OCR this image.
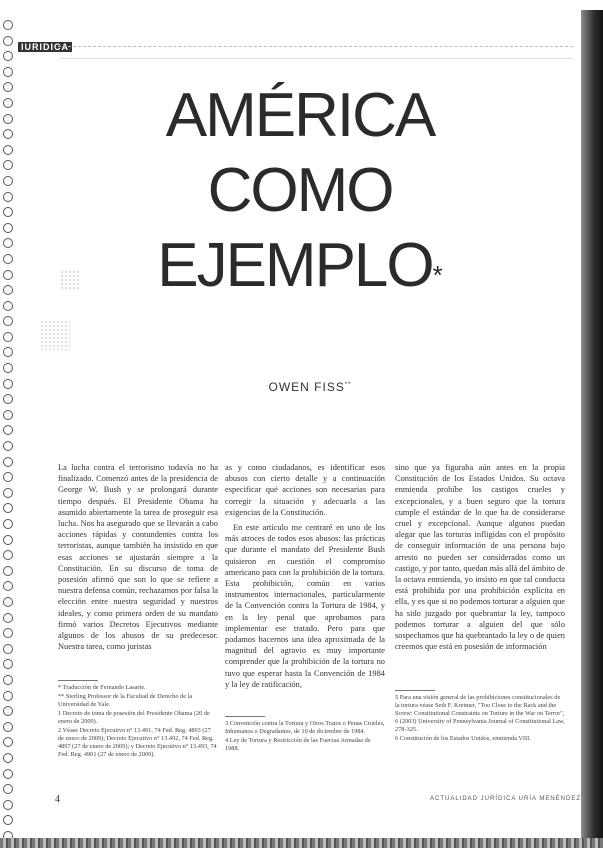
IURIDICA
AMÉRICA
COMO
EJEMPLO*
OWEN FISS**

La lucha contra el terrorismo todavía no ha finalizado. Comenzó antes de la presidencia de George W. Bush y se prolongará durante tiempo después. El Presidente Obama ha asumido abiertamente la tarea de proseguir esa lucha. Nos ha asegurado que se llevarán a cabo acciones rápidas y contundentes contra los terroristas, aunque también ha insistido en que esas acciones se ajustarán siempre a la Constitución. En su discurso de toma de posesión afirmó que son lo que se refiere a nuestra defensa común, rechazamos por falsa la elección entre nuestra seguridad y nuestros ideales, y como primera orden de su mandato firmó varios Decretos Ejecutivos mediante algunos de los abusos de su predecesor. Nuestra tarea, como juristas

as y como ciudadanos, es identificar esos abusos con cierto detalle y a continuación especificar qué acciones son necesarias para corregir la situación y adecuarla a las exigencias de la Constitución.

En este artículo me centraré en uno de los más atroces de todos esos abusos: las prácticas que durante el mandato del Presidente Bush quisieron en cuestión el compromiso americano para con la prohibición de la tortura. Esta prohibición, común en varios instrumentos internacionales, particularmente de la Convención contra la Tortura de 1984, y en la ley penal que aprobamos para implementar ese tratado. Pero para que podamos hacernos una idea aproximada de la magnitud del agravio es muy importante comprender que la prohibición de la tortura no tuvo que esperar hasta la Convención de 1984 y la ley de ratificación,

sino que ya figuraba aún antes en la propia Constitución de los Estados Unidos. Su octava enmienda prohíbe los castigos crueles y excepcionales, y a buen seguro que la tortura cumple el estándar de lo que ha de considerarse cruel y excepcional. Aunque algunos puedan alegar que las torturas infligidas con el propósito de conseguir información de una persona bajo arresto no pueden ser considerados como un castigo, y por tanto, quedan más allá del ámbito de la octava enmienda, yo insisto en que tal conducta está prohibida por una prohibición explícita en ella, y es que si no podemos torturar a alguien que ha sido juzgado por quebrantar la ley, tampoco podemos torturar a alguien del que sólo sospechamos que ha quebrantado la ley o de quien creemos que está en posesión de información

* Traducción de Fernando Lasarte.
** Sterling Professor de la Facultad de Derecho de la Universidad de Yale.
1 Decreto de toma de posesión del Presidente Obama (20 de enero de 2009).
2 Véase Decreto Ejecutivo n° 13.491, 74 Fed. Reg. 4893 (27 de enero de 2009); Decreto Ejecutivo n° 13.492, 74 Fed. Reg. 4897 (27 de enero de 2009); y Decreto Ejecutivo n° 13.493, 74 Fed. Reg. 4901 (27 de enero de 2009).
3 Convención contra la Tortura y Otros Tratos o Penas Crueles, Inhumanos o Degradantes, de 10 de diciembre de 1984.
4 Ley de Tortura y Restricción de las Fuerzas Armadas de 1988.
5 Para una visión general de las prohibiciones constitucionales de la tortura véase Seth F. Kreimer, "Too Close to the Rack and the Screw: Constitutional Constraints on Torture in the War on Terror", 6 (2003) University of Pennsylvania Journal of Constitutional Law, 278-325.
6 Constitución de los Estados Unidos, enmienda VIII.
4	ACTUALIDAD JURÍDICA URÍA MENÉNDEZ
